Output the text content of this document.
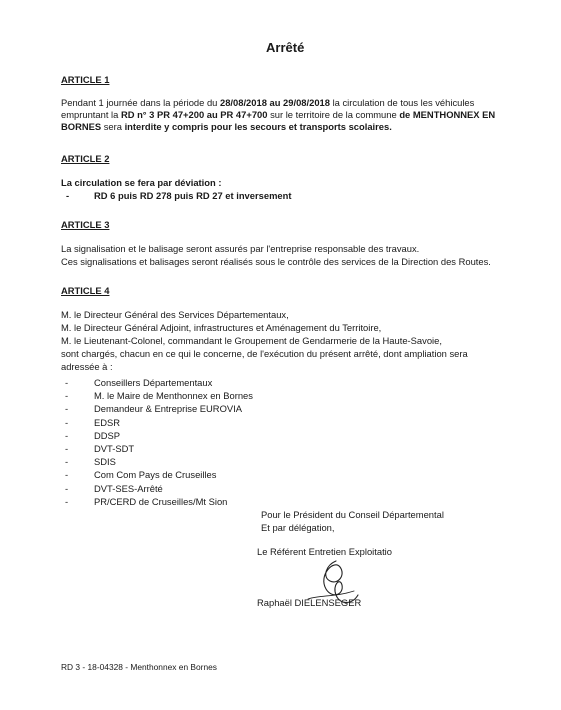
Arrêté
ARTICLE 1

Pendant 1 journée dans la période du 28/08/2018 au 29/08/2018 la circulation de tous les véhicules

empruntant la RD n° 3 PR 47+200 au PR 47+700 sur le territoire de la commune de MENTHONNEX EN

BORNES sera interdite y compris pour les secours et transports scolaires.

ARTICLE 2
La circulation se fera par déviation :
-	RD 6 puis RD 278 puis RD 27 et inversement
ARTICLE 3
La signalisation et le balisage seront assurés par l'entreprise responsable des travaux.
Ces signalisations et balisages seront réalisés sous le contrôle des services de la Direction des Routes.
ARTICLE 4
M. le Directeur Général des Services Départementaux,
M. le Directeur Général Adjoint, infrastructures et Aménagement du Territoire,
M. le Lieutenant-Colonel, commandant le Groupement de Gendarmerie de la Haute-Savoie,
sont chargés, chacun en ce qui le concerne, de l'exécution du présent arrêté, dont ampliation sera
adressée à :
-	Conseillers Départementaux
-	M. le Maire de Menthonnex en Bornes
-	Demandeur & Entreprise EUROVIA
-	EDSR
-	DDSP
-	DVT-SDT
-	SDIS
-	Com Com Pays de Cruseilles
-	DVT-SES-Arrêté
-	PR/CERD de Cruseilles/Mt Sion
Pour le Président du Conseil Départemental
Et par délégation,
Le Référent Entretien Exploitatio
Raphaël DIELENSEGER
RD 3 - 18-04328 - Menthonnex en Bornes
